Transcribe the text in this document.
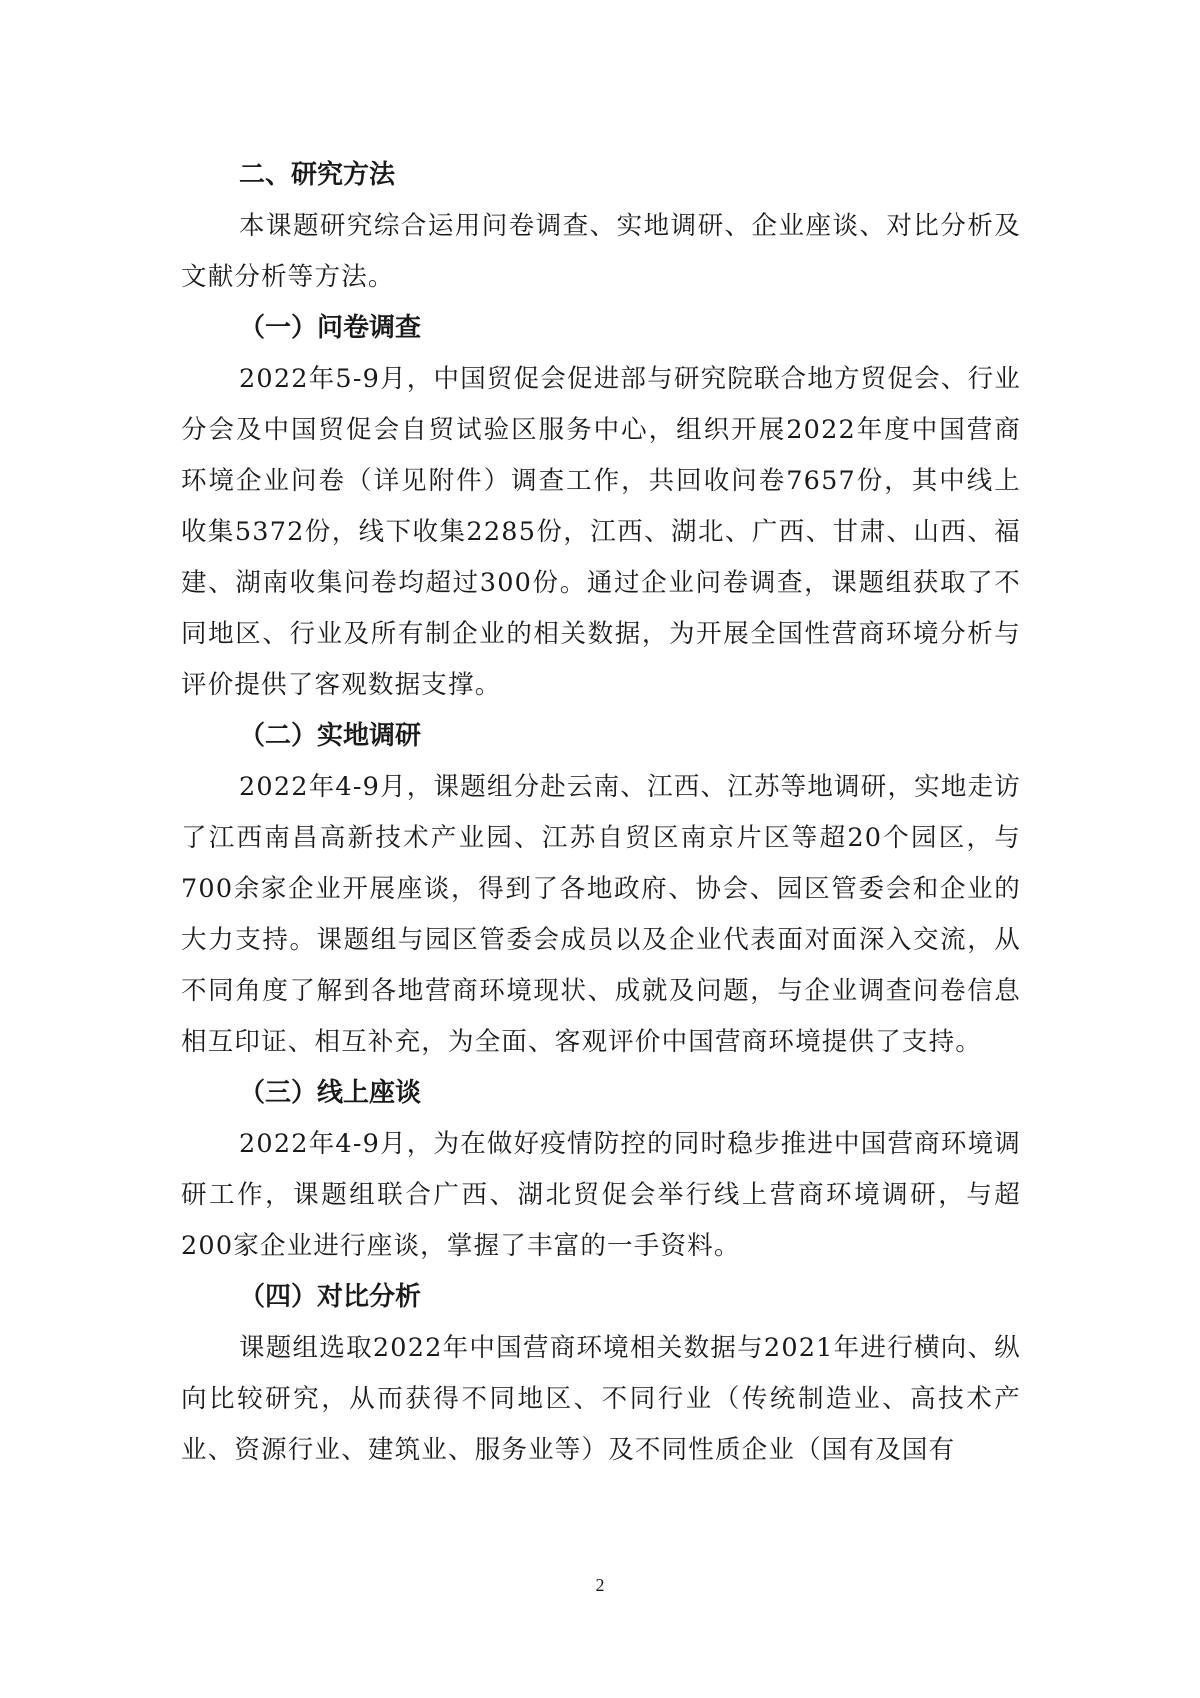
二、研究方法

本课题研究综合运用问卷调查、实地调研、企业座谈、对比分析及文献分析等方法。

（一）问卷调查

2022年5-9月，中国贸促会促进部与研究院联合地方贸促会、行业分会及中国贸促会自贸试验区服务中心，组织开展2022年度中国营商环境企业问卷（详见附件）调查工作，共回收问卷7657份，其中线上收集5372份，线下收集2285份，江西、湖北、广西、甘肃、山西、福建、湖南收集问卷均超过300份。通过企业问卷调查，课题组获取了不同地区、行业及所有制企业的相关数据，为开展全国性营商环境分析与评价提供了客观数据支撑。

（二）实地调研

2022年4-9月，课题组分赴云南、江西、江苏等地调研，实地走访了江西南昌高新技术产业园、江苏自贸区南京片区等超20个园区，与700余家企业开展座谈，得到了各地政府、协会、园区管委会和企业的大力支持。课题组与园区管委会成员以及企业代表面对面深入交流，从不同角度了解到各地营商环境现状、成就及问题，与企业调查问卷信息相互印证、相互补充，为全面、客观评价中国营商环境提供了支持。

（三）线上座谈

2022年4-9月，为在做好疫情防控的同时稳步推进中国营商环境调研工作，课题组联合广西、湖北贸促会举行线上营商环境调研，与超200家企业进行座谈，掌握了丰富的一手资料。

（四）对比分析

课题组选取2022年中国营商环境相关数据与2021年进行横向、纵向比较研究，从而获得不同地区、不同行业（传统制造业、高技术产业、资源行业、建筑业、服务业等）及不同性质企业（国有及国有

2
